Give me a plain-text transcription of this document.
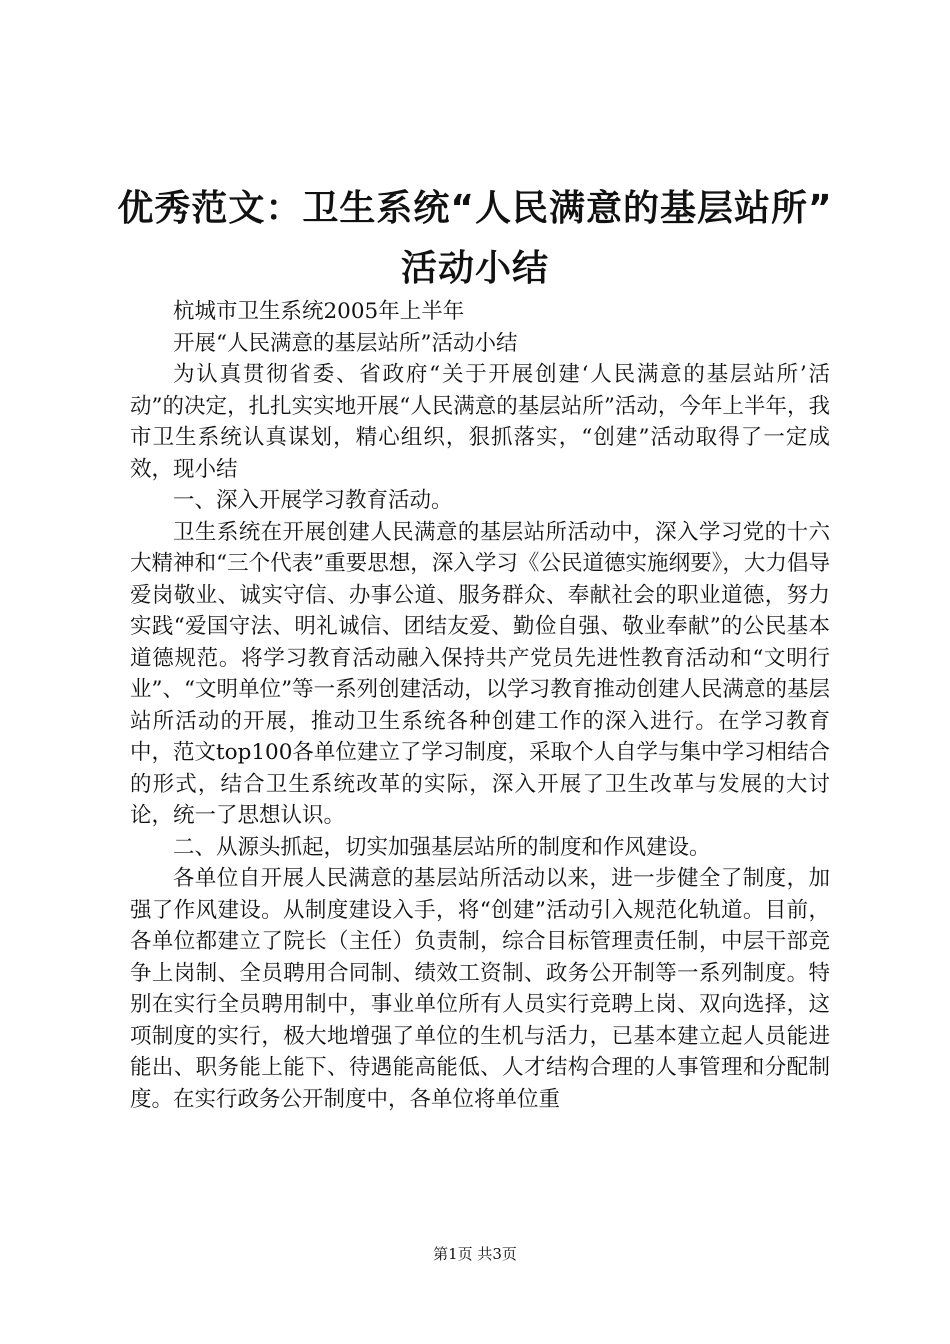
优秀范文：卫生系统“人民满意的基层站所”
活动小结

杭城市卫生系统2005年上半年

开展“人民满意的基层站所”活动小结

为认真贯彻省委、省政府“关于开展创建‘人民满意的基层站所’活动”的决定，扎扎实实地开展“人民满意的基层站所”活动，今年上半年，我市卫生系统认真谋划，精心组织，狠抓落实，“创建”活动取得了一定成效，现小结

一、深入开展学习教育活动。

卫生系统在开展创建人民满意的基层站所活动中，深入学习党的十六大精神和“三个代表”重要思想，深入学习《公民道德实施纲要》，大力倡导爱岗敬业、诚实守信、办事公道、服务群众、奉献社会的职业道德，努力实践“爱国守法、明礼诚信、团结友爱、勤俭自强、敬业奉献”的公民基本道德规范。将学习教育活动融入保持共产党员先进性教育活动和“文明行业”、“文明单位”等一系列创建活动，以学习教育推动创建人民满意的基层站所活动的开展，推动卫生系统各种创建工作的深入进行。在学习教育中，范文top100各单位建立了学习制度，采取个人自学与集中学习相结合的形式，结合卫生系统改革的实际，深入开展了卫生改革与发展的大讨论，统一了思想认识。

二、从源头抓起，切实加强基层站所的制度和作风建设。

各单位自开展人民满意的基层站所活动以来，进一步健全了制度，加强了作风建设。从制度建设入手，将“创建”活动引入规范化轨道。目前，各单位都建立了院长（主任）负责制，综合目标管理责任制，中层干部竞争上岗制、全员聘用合同制、绩效工资制、政务公开制等一系列制度。特别在实行全员聘用制中，事业单位所有人员实行竞聘上岗、双向选择，这项制度的实行，极大地增强了单位的生机与活力，已基本建立起人员能进能出、职务能上能下、待遇能高能低、人才结构合理的人事管理和分配制度。在实行政务公开制度中，各单位将单位重

第1页 共3页
